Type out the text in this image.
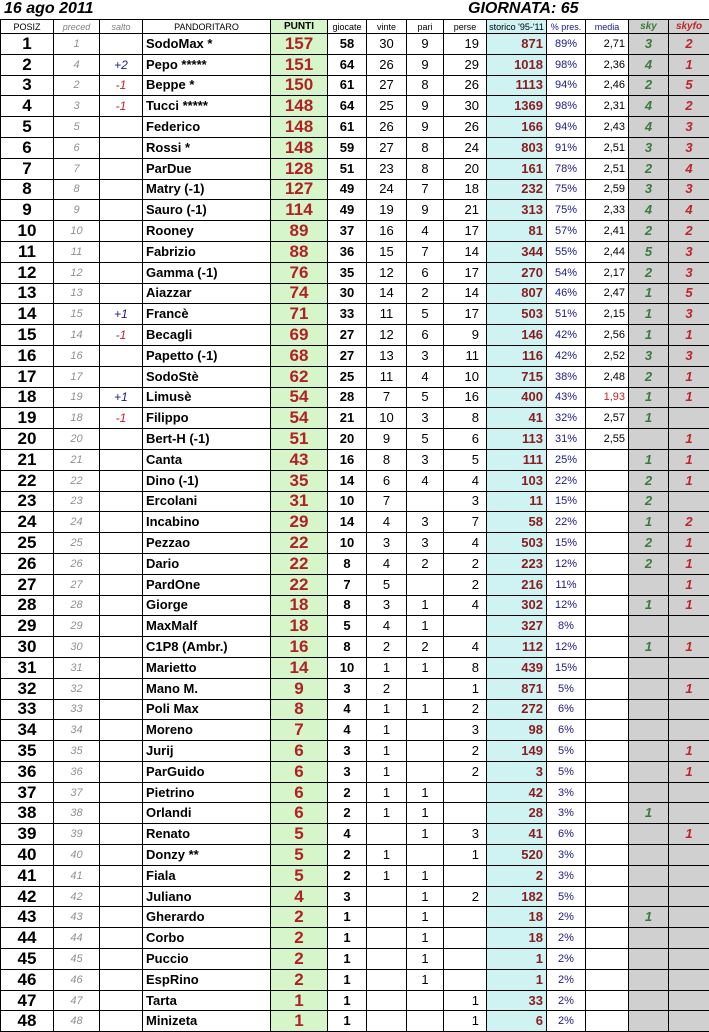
16 ago 2011	GIORNATA: 65
POSIZ	preced	salto	PANDORITARO	PUNTI	giocate	vinte	pari	perse	storico '95-'11	% pres.	media	sky	skyfo
1	1		SodoMax *	157	58	30	9	19	871	89%	2,71	3	2
2	4	+2	Pepo *****	151	64	26	9	29	1018	98%	2,36	4	1
3	2	-1	Beppe *	150	61	27	8	26	1113	94%	2,46	2	5
4	3	-1	Tucci *****	148	64	25	9	30	1369	98%	2,31	4	2
5	5		Federico	148	61	26	9	26	166	94%	2,43	4	3
6	6		Rossi *	148	59	27	8	24	803	91%	2,51	3	3
7	7		ParDue	128	51	23	8	20	161	78%	2,51	2	4
8	8		Matry (-1)	127	49	24	7	18	232	75%	2,59	3	3
9	9		Sauro (-1)	114	49	19	9	21	313	75%	2,33	4	4
10	10		Rooney	89	37	16	4	17	81	57%	2,41	2	2
11	11		Fabrizio	88	36	15	7	14	344	55%	2,44	5	3
12	12		Gamma (-1)	76	35	12	6	17	270	54%	2,17	2	3
13	13		Aiazzar	74	30	14	2	14	807	46%	2,47	1	5
14	15	+1	Francè	71	33	11	5	17	503	51%	2,15	1	3
15	14	-1	Becagli	69	27	12	6	9	146	42%	2,56	1	1
16	16		Papetto (-1)	68	27	13	3	11	116	42%	2,52	3	3
17	17		SodoStè	62	25	11	4	10	715	38%	2,48	2	1
18	19	+1	Limusè	54	28	7	5	16	400	43%	1,93	1	1
19	18	-1	Filippo	54	21	10	3	8	41	32%	2,57	1	
20	20		Bert-H (-1)	51	20	9	5	6	113	31%	2,55		1
21	21		Canta	43	16	8	3	5	111	25%		1	1
22	22		Dino (-1)	35	14	6	4	4	103	22%		2	1
23	23		Ercolani	31	10	7		3	11	15%		2	
24	24		Incabino	29	14	4	3	7	58	22%		1	2
25	25		Pezzao	22	10	3	3	4	503	15%		2	1
26	26		Dario	22	8	4	2	2	223	12%		2	1
27	27		PardOne	22	7	5		2	216	11%			1
28	28		Giorge	18	8	3	1	4	302	12%		1	1
29	29		MaxMalf	18	5	4	1		327	8%			
30	30		C1P8 (Ambr.)	16	8	2	2	4	112	12%		1	1
31	31		Marietto	14	10	1	1	8	439	15%			
32	32		Mano M.	9	3	2		1	871	5%			1
33	33		Poli Max	8	4	1	1	2	272	6%			
34	34		Moreno	7	4	1		3	98	6%			
35	35		Jurij	6	3	1		2	149	5%			1
36	36		ParGuido	6	3	1		2	3	5%			1
37	37		Pietrino	6	2	1	1		42	3%			
38	38		Orlandi	6	2	1	1		28	3%		1	
39	39		Renato	5	4		1	3	41	6%			1
40	40		Donzy **	5	2	1		1	520	3%			
41	41		Fiala	5	2	1	1		2	3%			
42	42		Juliano	4	3		1	2	182	5%			
43	43		Gherardo	2	1		1		18	2%		1	
44	44		Corbo	2	1		1		18	2%			
45	45		Puccio	2	1		1		1	2%			
46	46		EspRino	2	1		1		1	2%			
47	47		Tarta	1	1			1	33	2%			
48	48		Minizeta	1	1			1	6	2%			
